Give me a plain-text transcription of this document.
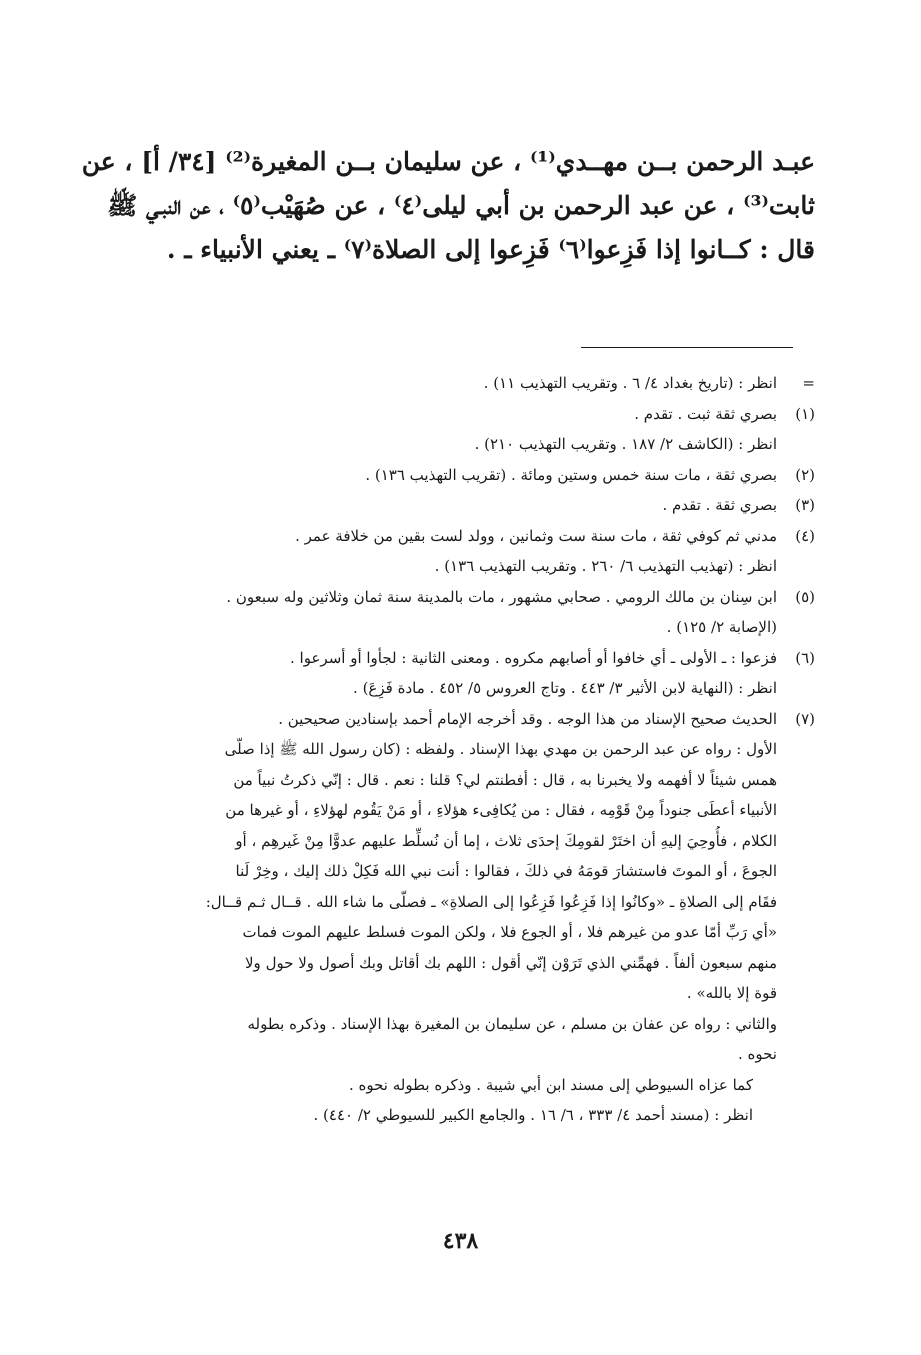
عبـد الرحمن بــن مهــدي⁽¹⁾ ، عن سليمان بــن المغيرة⁽²⁾ [٣٤/ أ] ، عن

ثابت⁽³⁾ ، عن عبد الرحمن بن أبي ليلى⁽٤⁾ ، عن صُهَيْب⁽٥⁾ ، عن النبـي ﷺ

قال : كــانوا إذا فَزِعوا⁽٦⁾ فَزِعوا إلى الصلاة⁽٧⁾ ـ يعني الأنبياء ـ .

=
انظر : (تاريخ بغداد ٤/ ٦ . وتقريب التهذيب ١١) .
(١)
بصري ثقة ثبت . تقدم .
انظر : (الكاشف ٢/ ١٨٧ . وتقريب التهذيب ٢١٠) .
(٢)
بصري ثقة ، مات سنة خمس وستين ومائة . (تقريب التهذيب ١٣٦) .
(٣)
بصري ثقة . تقدم .
(٤)
مدني ثم كوفي ثقة ، مات سنة ست وثمانين ، وولد لست بقين من خلافة عمر .
انظر : (تهذيب التهذيب ٦/ ٢٦٠ . وتقريب التهذيب ١٣٦) .
(٥)
ابن سِنان بن مالك الرومي . صحابي مشهور ، مات بالمدينة سنة ثمان وثلاثين وله سبعون .
(الإصابة ٢/ ١٢٥) .
(٦)
فزعوا : ـ الأولى ـ أي خافوا أو أصابهم مكروه . ومعنى الثانية : لجأوا أو أسرعوا .
انظر : (النهاية لابن الأثير ٣/ ٤٤٣ . وتاج العروس ٥/ ٤٥٢ . مادة فَزِعَ) .
(٧)
الحديث صحيح الإسناد من هذا الوجه . وقد أخرجه الإمام أحمد بإسنادين صحيحين .
الأول : رواه عن عبد الرحمن بن مهدي بهذا الإسناد . ولفظه : (كان رسول الله ﷺ إذا صلّى
همس شيئاً لا أفهمه ولا يخبرنا به ، قال : أفطنتم لي؟ قلنا : نعم . قال : إنّي ذكرتُ نبياً من
الأنبياء أعطَى جنوداً مِنْ قَوْمِه ، فقال : من يُكافِىء هؤلاءِ ، أو مَنْ يَقُوم لهؤلاءِ ، أو غيرها من
الكلام ، فأُوحِيَ إليهِ أن اختَرْ لقومِكَ إحدَى ثلاث ، إما أن نُسلِّط عليهم عدوًّا مِنْ غَيرهِم ، أو
الجوعَ ، أو الموتَ فاستشارَ قومَهُ في ذلكَ ، فقالوا : أنت نبي الله فَكِلْ ذلك إليك ، وخِرْ لَنا
فقَام إلى الصلاةِ ـ «وكانُوا إذا فَزِعُوا فَزِعُوا إلى الصلاةِ» ـ فصلّى ما شاء الله . قــال ثـم قــال:
«أي رَبِّ أمّا عدو من غيرهم فلا ، أو الجوع فلا ، ولكن الموت فسلط عليهم الموت فمات
منهم سبعون ألفاً . فهمِّني الذي تَرَوْن إنّي أقول : اللهم بك أقاتل وبك أصول ولا حول ولا
قوة إلا بالله» .
والثاني : رواه عن عفان بن مسلم ، عن سليمان بن المغيرة بهذا الإسناد . وذكره بطوله
نحوه .
كما عزاه السيوطي إلى مسند ابن أبي شيبة . وذكره بطوله نحوه .
انظر : (مسند أحمد ٤/ ٣٣٣ ، ٦/ ١٦ . والجامع الكبير للسيوطي ٢/ ٤٤٠) .
٤٣٨
